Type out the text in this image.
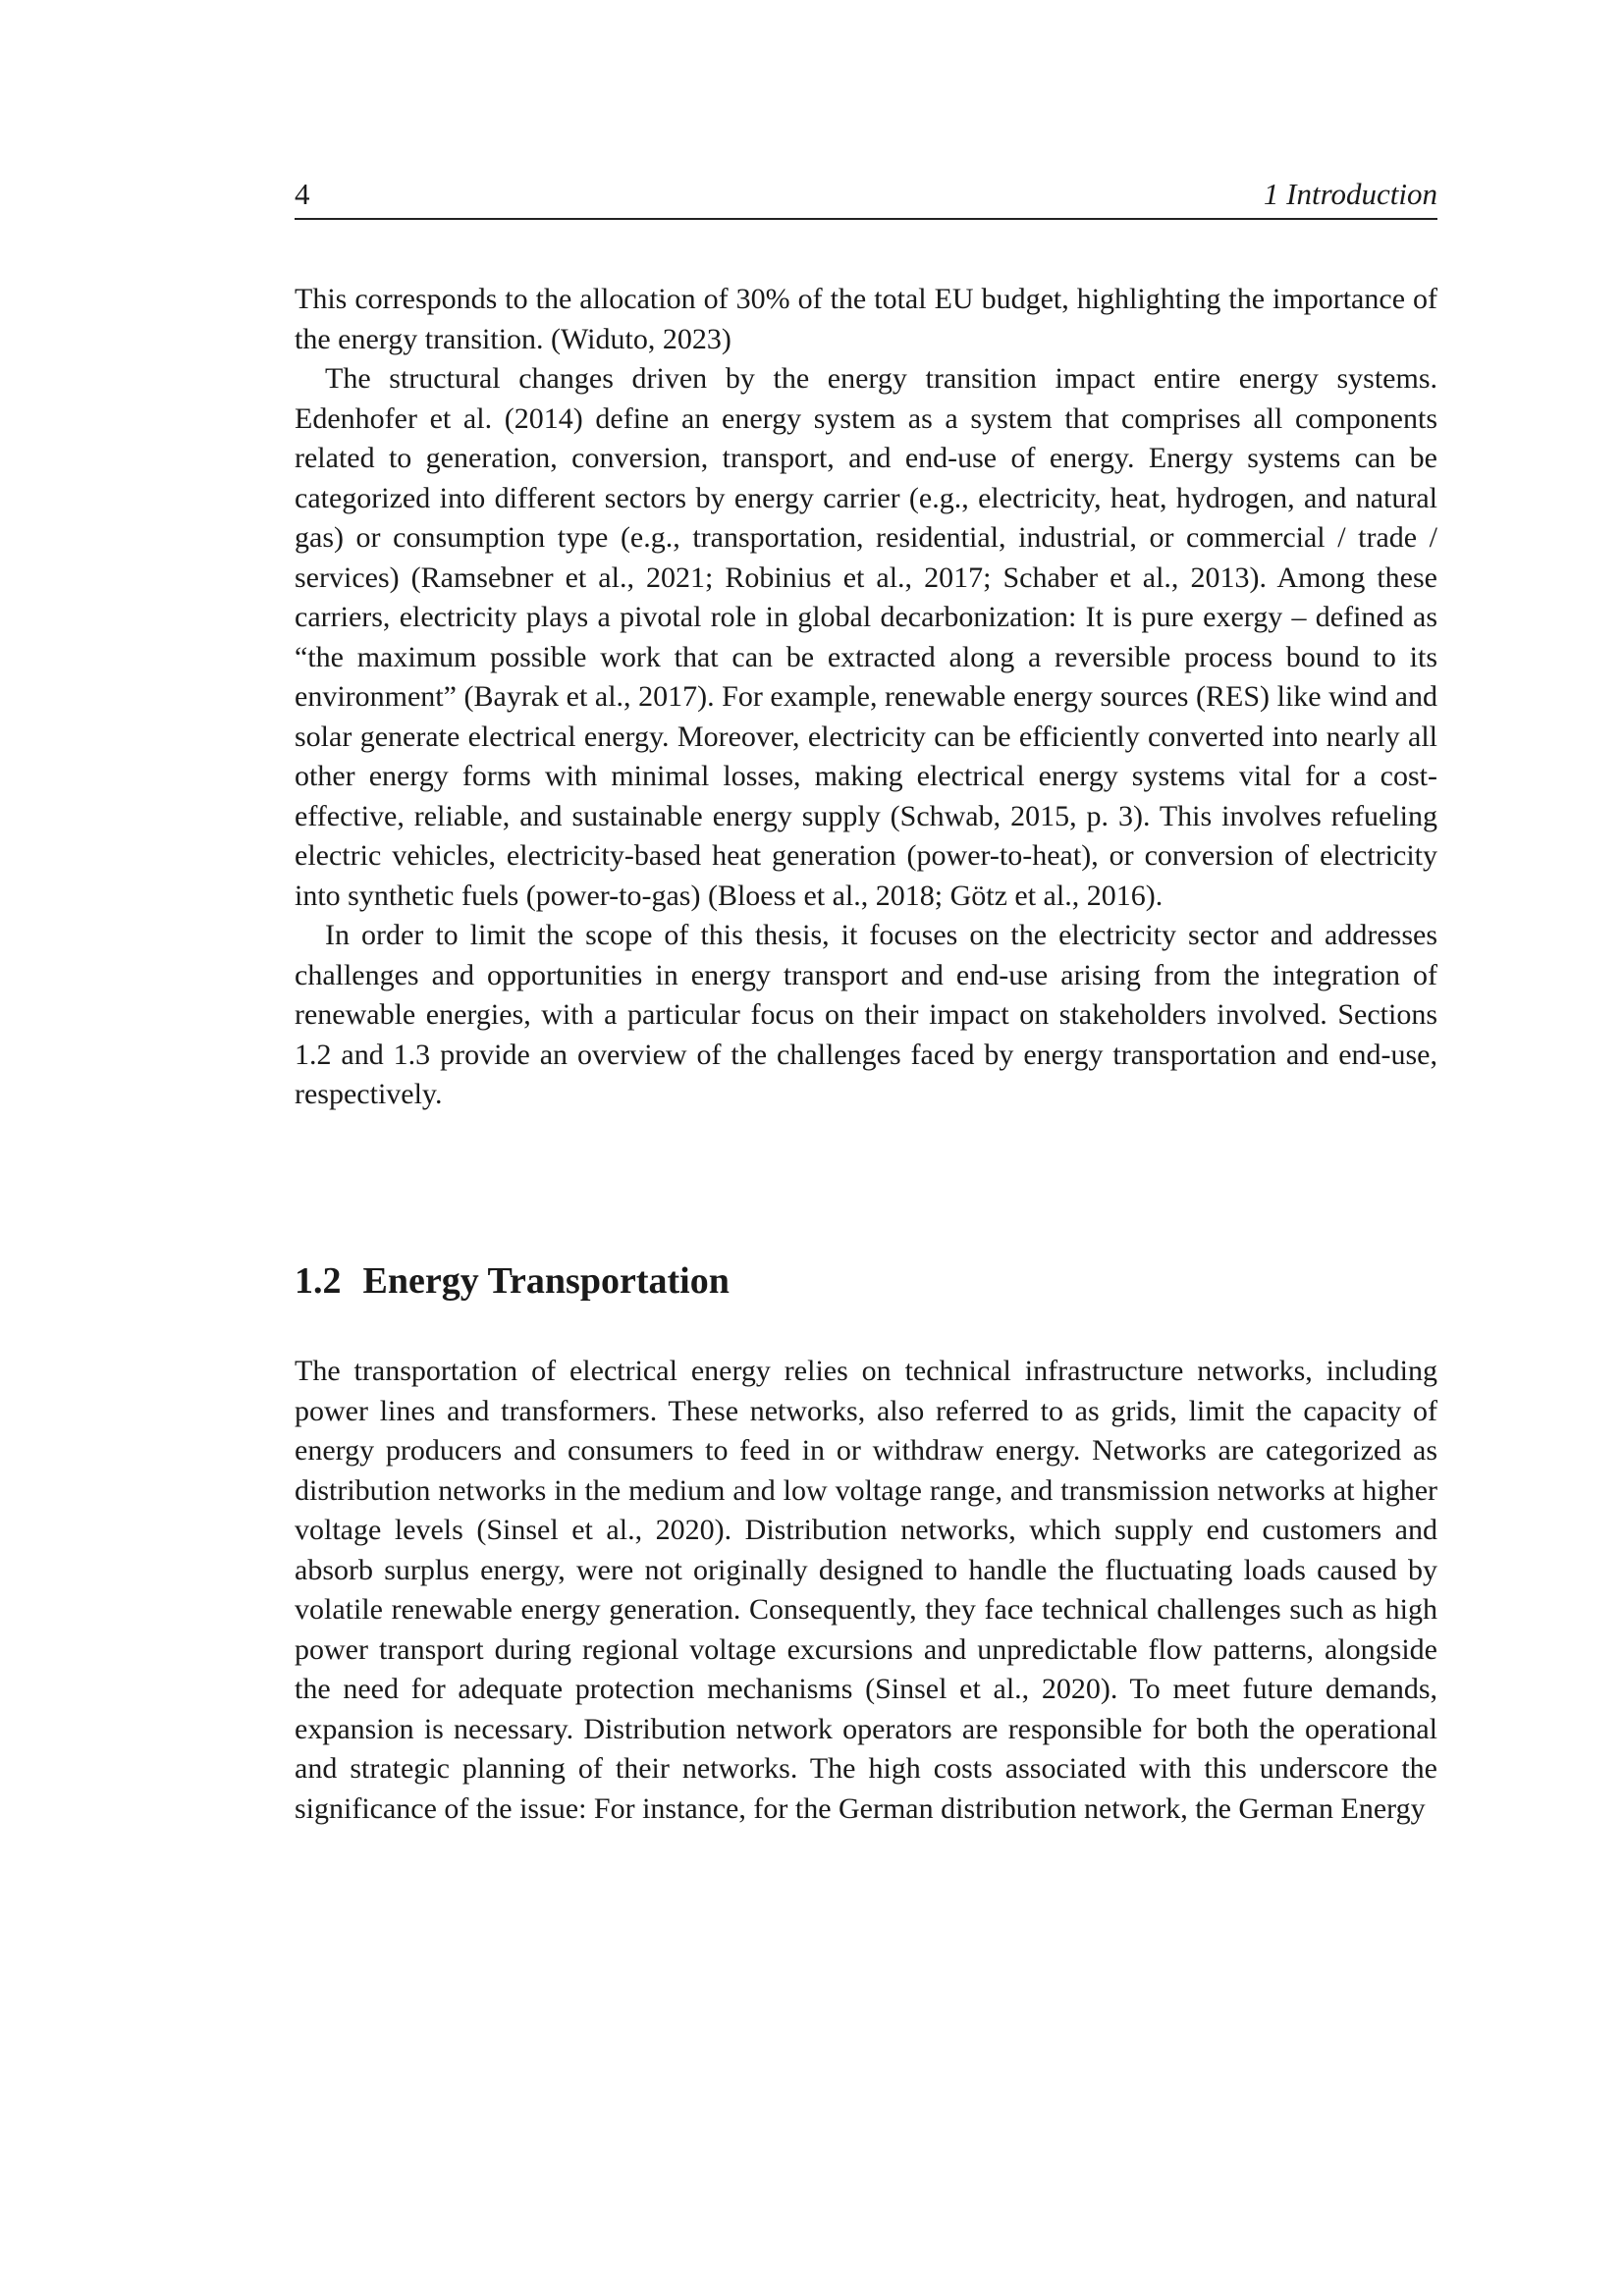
4	1 Introduction

This corresponds to the allocation of 30% of the total EU budget, highlighting the importance of the energy transition. (Widuto, 2023)

The structural changes driven by the energy transition impact entire energy systems. Edenhofer et al. (2014) define an energy system as a system that comprises all components related to generation, conversion, transport, and end-use of energy. Energy systems can be categorized into different sectors by energy carrier (e.g., electricity, heat, hydrogen, and natural gas) or consumption type (e.g., transportation, residential, industrial, or commercial / trade / services) (Ramsebner et al., 2021; Robinius et al., 2017; Schaber et al., 2013). Among these carriers, electricity plays a pivotal role in global decarbonization: It is pure exergy – defined as “the maximum possible work that can be extracted along a reversible process bound to its environment” (Bayrak et al., 2017). For example, renewable energy sources (RES) like wind and solar generate electrical energy. Moreover, electricity can be efficiently converted into nearly all other energy forms with minimal losses, making electrical energy systems vital for a cost-effective, reliable, and sustainable energy supply (Schwab, 2015, p. 3). This involves refueling electric vehicles, electricity-based heat generation (power-to-heat), or conversion of electricity into synthetic fuels (power-to-gas) (Bloess et al., 2018; Götz et al., 2016).

In order to limit the scope of this thesis, it focuses on the electricity sector and addresses challenges and opportunities in energy transport and end-use arising from the integration of renewable energies, with a particular focus on their impact on stakeholders involved. Sections 1.2 and 1.3 provide an overview of the challenges faced by energy transportation and end-use, respectively.

1.2 Energy Transportation

The transportation of electrical energy relies on technical infrastructure networks, including power lines and transformers. These networks, also referred to as grids, limit the capacity of energy producers and consumers to feed in or withdraw energy. Networks are categorized as distribution networks in the medium and low voltage range, and transmission networks at higher voltage levels (Sinsel et al., 2020). Distribution networks, which supply end customers and absorb surplus energy, were not originally designed to handle the fluctuating loads caused by volatile renewable energy generation. Consequently, they face technical challenges such as high power transport during regional voltage excursions and unpredictable flow patterns, alongside the need for adequate protection mechanisms (Sinsel et al., 2020). To meet future demands, expansion is necessary. Distribution network operators are responsible for both the operational and strategic planning of their networks. The high costs associated with this underscore the significance of the issue: For instance, for the German distribution network, the German Energy
